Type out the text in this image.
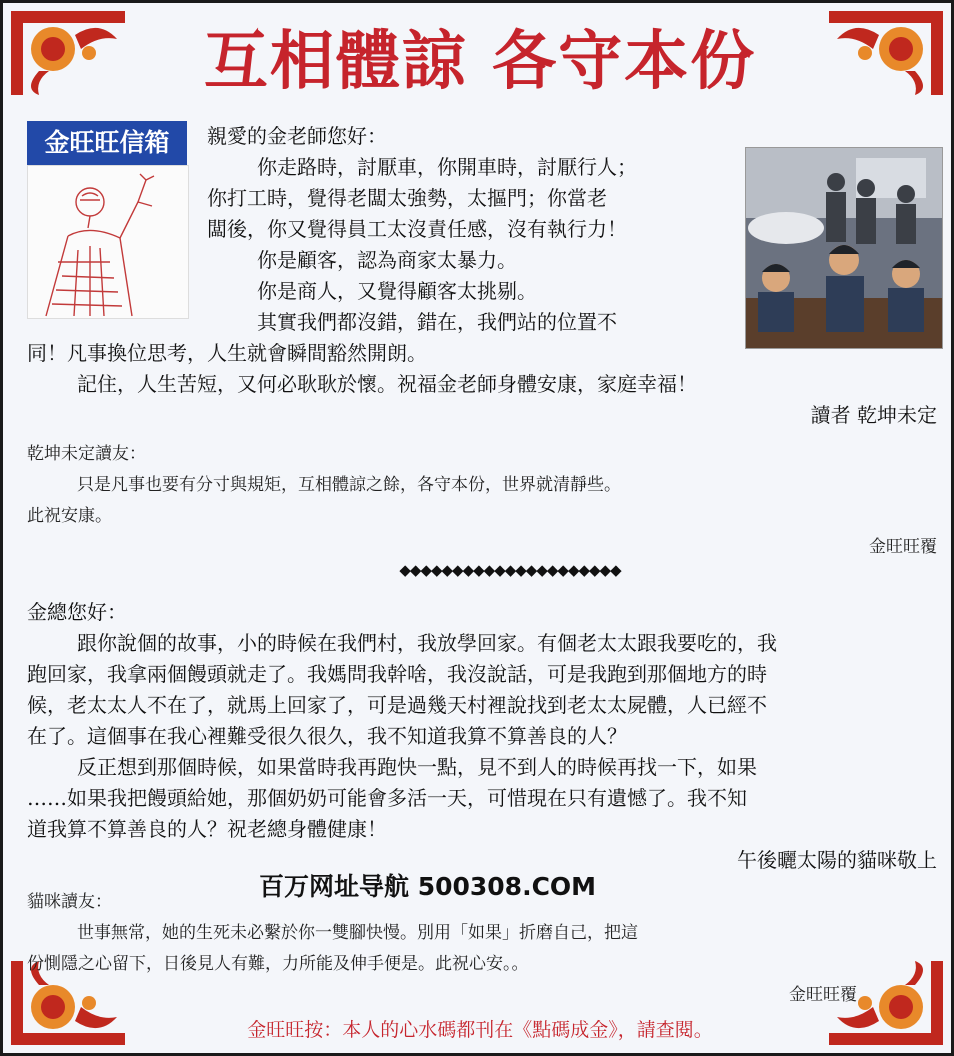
互相體諒 各守本份
金旺旺信箱	親愛的金老師您好：
你走路時，討厭車，你開車時，討厭行人；
你打工時，覺得老闆太強勢，太摳門；你當老
闆後，你又覺得員工太沒責任感，沒有執行力！
你是顧客，認為商家太暴力。
你是商人，又覺得顧客太挑剔。
其實我們都沒錯，錯在，我們站的位置不
同！凡事換位思考，人生就會瞬間豁然開朗。
記住，人生苦短，又何必耿耿於懷。祝福金老師身體安康，家庭幸福！
讀者 乾坤未定
乾坤未定讀友：
只是凡事也要有分寸與規矩，互相體諒之餘，各守本份，世界就清靜些。
此祝安康。
金旺旺覆
◆◆◆◆◆◆◆◆◆◆◆◆◆◆◆◆◆◆◆◆◆
金總您好：
跟你說個的故事，小的時候在我們村，我放學回家。有個老太太跟我要吃的，我
跑回家，我拿兩個饅頭就走了。我媽問我幹啥，我沒說話，可是我跑到那個地方的時
候，老太太人不在了，就馬上回家了，可是過幾天村裡說找到老太太屍體，人已經不
在了。這個事在我心裡難受很久很久，我不知道我算不算善良的人？
反正想到那個時候，如果當時我再跑快一點，見不到人的時候再找一下，如果
……如果我把饅頭給她，那個奶奶可能會多活一天，可惜現在只有遺憾了。我不知
道我算不算善良的人？祝老總身體健康！
午後曬太陽的貓咪敬上
百万网址导航 500308.COM
貓咪讀友：
世事無常，她的生死未必繫於你一雙腳快慢。別用「如果」折磨自己，把這
份惻隱之心留下，日後見人有難，力所能及伸手便是。此祝心安。。
金旺旺覆
金旺旺按：本人的心水碼都刊在《點碼成金》，請查閱。
